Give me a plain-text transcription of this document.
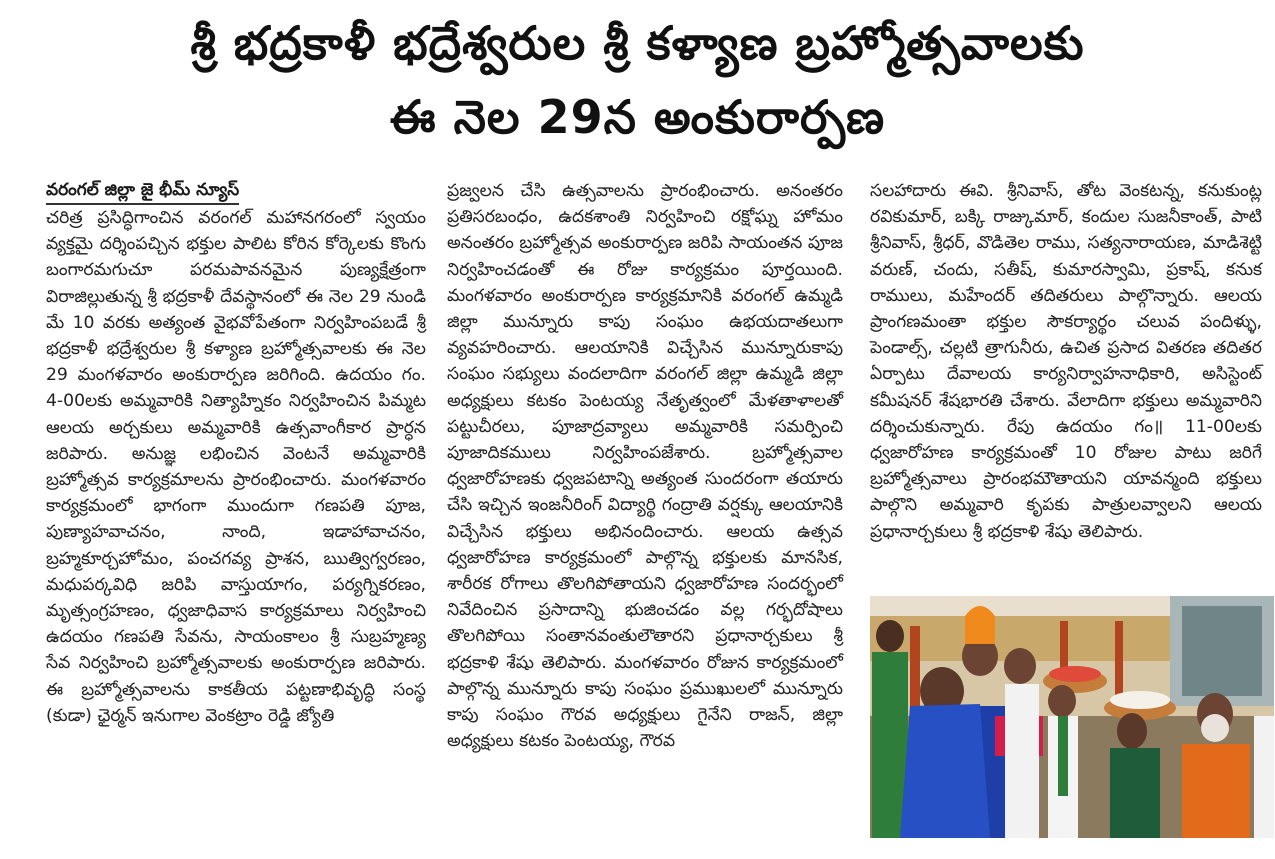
శ్రీ భద్రకాళీ భద్రేశ్వరుల శ్రీ కళ్యాణ బ్రహ్మోత్సవాలకు
ఈ నెల 29న అంకురార్పణ
వరంగల్ జిల్లా జై భీమ్ న్యూస్

చరిత్ర ప్రసిద్ధిగాంచిన వరంగల్ మహానగరంలో స్వయం వ్యక్తమై దర్శింపచ్చిన భక్తుల పాలిట కోరిన కోర్కెలకు కొంగు బంగారమగుచూ పరమపావనమైన పుణ్యక్షేత్రంగా విరాజిల్లుతున్న శ్రీ భద్రకాళీ దేవస్థానంలో ఈ నెల 29 నుండి మే 10 వరకు అత్యంత వైభవోపేతంగా నిర్వహింపబడే శ్రీ భద్రకాళీ భద్రేశ్వరుల శ్రీ కళ్యాణ బ్రహ్మోత్సవాలకు ఈ నెల 29 మంగళవారం అంకురార్పణ జరిగింది. ఉదయం గం. 4-00లకు అమ్మవారికి నిత్యాహ్నికం నిర్వహించిన పిమ్మట ఆలయ అర్చకులు అమ్మవారికి ఉత్సవాంగీకార ప్రార్ధన జరిపారు. అనుజ్ఞ లభించిన వెంటనే అమ్మవారికి బ్రహ్మోత్సవ కార్యక్రమాలను ప్రారంభించారు. మంగళవారం కార్యక్రమంలో భాగంగా ముందుగా గణపతి పూజ, పుణ్యాహవాచనం, నాంది, ఇడాహావాచనం, బ్రహ్మకూర్చహోమం, పంచగవ్య ప్రాశన, ఋత్విగ్వరణం, మధుపర్కవిధి జరిపి వాస్తుయాగం, పర్యగ్నికరణం, మృత్సంగ్రహణం, ధ్వజాధివాస కార్యక్రమాలు నిర్వహించి ఉదయం గణపతి సేవను, సాయంకాలం శ్రీ సుబ్రహ్మణ్య సేవ నిర్వహించి బ్రహ్మోత్సవాలకు అంకురార్పణ జరిపారు. ఈ బ్రహ్మోత్సవాలను కాకతీయ పట్టణాభివృద్ధి సంస్థ (కుడా) ఛైర్మన్ ఇనుగాల వెంకట్రాం రెడ్డి జ్యోతి

ప్రజ్వలన చేసి ఉత్సవాలను ప్రారంభించారు. అనంతరం ప్రతిసరబంధం, ఉదకశాంతి నిర్వహించి రక్షోఘ్న హోమం అనంతరం బ్రహ్మోత్సవ అంకురార్పణ జరిపి సాయంతన పూజ నిర్వహించడంతో ఈ రోజు కార్యక్రమం పూర్తయింది. మంగళవారం అంకురార్పణ కార్యక్రమానికి వరంగల్ ఉమ్మడి జిల్లా మున్నూరు కాపు సంఘం ఉభయదాతలుగా వ్యవహరించారు. ఆలయానికి విచ్చేసిన మున్నూరుకాపు సంఘం సభ్యులు వందలాదిగా వరంగల్ జిల్లా ఉమ్మడి జిల్లా అధ్యక్షులు కటకం పెంటయ్య నేతృత్వంలో మేళతాళాలతో పట్టుచీరలు, పూజాద్రవ్యాలు అమ్మవారికి సమర్పించి పూజాదికములు నిర్వహింపజేశారు. బ్రహ్మోత్సవాల ధ్వజారోహణకు ధ్వజపటాన్ని అత్యంత సుందరంగా తయారు చేసి ఇచ్చిన ఇంజనీరింగ్ విద్యార్థి గంద్రాతి వర్షక్కు ఆలయానికి విచ్చేసిన భక్తులు అభినందించారు. ఆలయ ఉత్సవ ధ్వజారోహణ కార్యక్రమంలో పాల్గొన్న భక్తులకు మానసిక, శారీరక రోగాలు తొలగిపోతాయని ధ్వజారోహణ సందర్భంలో నివేదించిన ప్రసాదాన్ని భుజించడం వల్ల గర్భదోషాలు తొలగిపోయి సంతానవంతులౌతారని ప్రధానార్చకులు శ్రీ భద్రకాళి శేషు తెలిపారు. మంగళవారం రోజున కార్యక్రమంలో పాల్గొన్న మున్నూరు కాపు సంఘం ప్రముఖులలో మున్నూరు కాపు సంఘం గౌరవ అధ్యక్షులు గైనేని రాజన్, జిల్లా అధ్యక్షులు కటకం పెంటయ్య, గౌరవ

సలహాదారు ఈవి. శ్రీనివాస్, తోట వెంకటన్న, కనుకుంట్ల రవికుమార్, బక్కి రాజ్కుమార్, కందుల సుజనీకాంత్, పాటి శ్రీనివాస్, శ్రీధర్, వొడితెల రాము, సత్యనారాయణ, మాడిశెట్టి వరుణ్, చందు, సతీష్, కుమారస్వామి, ప్రకాష్, కనుక రాములు, మహేందర్ తదితరులు పాల్గొన్నారు. ఆలయ ప్రాంగణమంతా భక్తుల సౌకర్యార్థం చలువ పందిళ్ళు, పెండాల్స్, చల్లటి త్రాగునీరు, ఉచిత ప్రసాద వితరణ తదితర ఏర్పాటు దేవాలయ కార్యనిర్వాహనాధికారి, అసిస్టెంట్ కమీషనర్ శేషభారతి చేశారు. వేలాదిగా భక్తులు అమ్మవారిని దర్శించుకున్నారు. రేపు ఉదయం గం॥ 11-00లకు ధ్వజారోహణ కార్యక్రమంతో 10 రోజుల పాటు జరిగే బ్రహ్మోత్సవాలు ప్రారంభమౌతాయని యావన్మంది భక్తులు పాల్గొని అమ్మవారి కృపకు పాత్రులవ్వాలని ఆలయ ప్రధానార్చకులు శ్రీ భద్రకాళి శేషు తెలిపారు.
